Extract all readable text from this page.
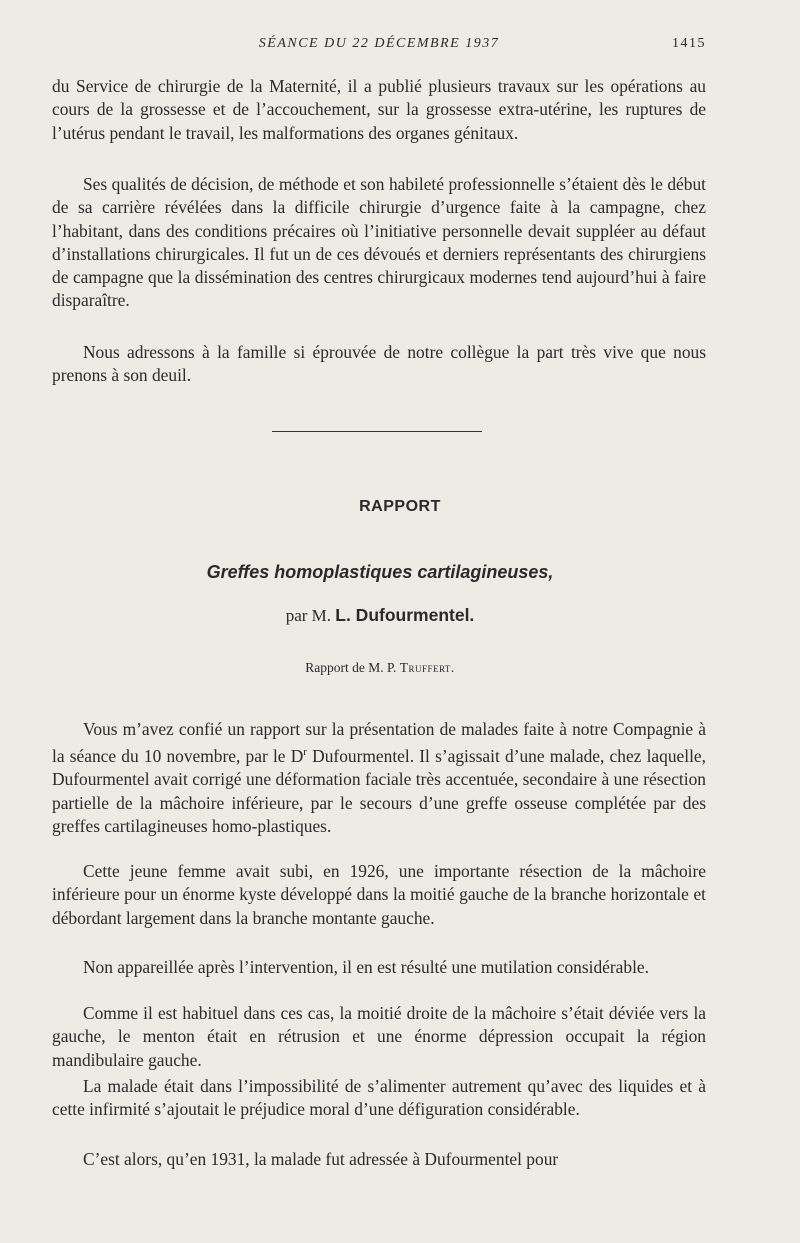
SÉANCE DU 22 DÉCEMBRE 1937	1415

du Service de chirurgie de la Maternité, il a publié plusieurs travaux sur les opérations au cours de la grossesse et de l’accouchement, sur la grossesse extra-utérine, les ruptures de l’utérus pendant le travail, les malformations des organes génitaux.

Ses qualités de décision, de méthode et son habileté professionnelle s’étaient dès le début de sa carrière révélées dans la difficile chirurgie d’urgence faite à la campagne, chez l’habitant, dans des conditions précaires où l’initiative personnelle devait suppléer au défaut d’installations chirurgicales. Il fut un de ces dévoués et derniers représentants des chirurgiens de campagne que la dissémination des centres chirurgicaux modernes tend aujourd’hui à faire disparaître.

Nous adressons à la famille si éprouvée de notre collègue la part très vive que nous prenons à son deuil.

RAPPORT
Greffes homoplastiques cartilagineuses,
par M. L. Dufourmentel.
Rapport de M. P. Truffert.

Vous m’avez confié un rapport sur la présentation de malades faite à notre Compagnie à la séance du 10 novembre, par le $D^r$ Dufourmentel. Il s’agissait d’une malade, chez laquelle, Dufourmentel avait corrigé une déformation faciale très accentuée, secondaire à une résection partielle de la mâchoire inférieure, par le secours d’une greffe osseuse complétée par des greffes cartilagineuses homo-plastiques.

Cette jeune femme avait subi, en 1926, une importante résection de la mâchoire inférieure pour un énorme kyste développé dans la moitié gauche de la branche horizontale et débordant largement dans la branche montante gauche.

Non appareillée après l’intervention, il en est résulté une mutilation considérable.

Comme il est habituel dans ces cas, la moitié droite de la mâchoire s’était déviée vers la gauche, le menton était en rétrusion et une énorme dépression occupait la région mandibulaire gauche.

La malade était dans l’impossibilité de s’alimenter autrement qu’avec des liquides et à cette infirmité s’ajoutait le préjudice moral d’une défiguration considérable.

C’est alors, qu’en 1931, la malade fut adressée à Dufourmentel pour
